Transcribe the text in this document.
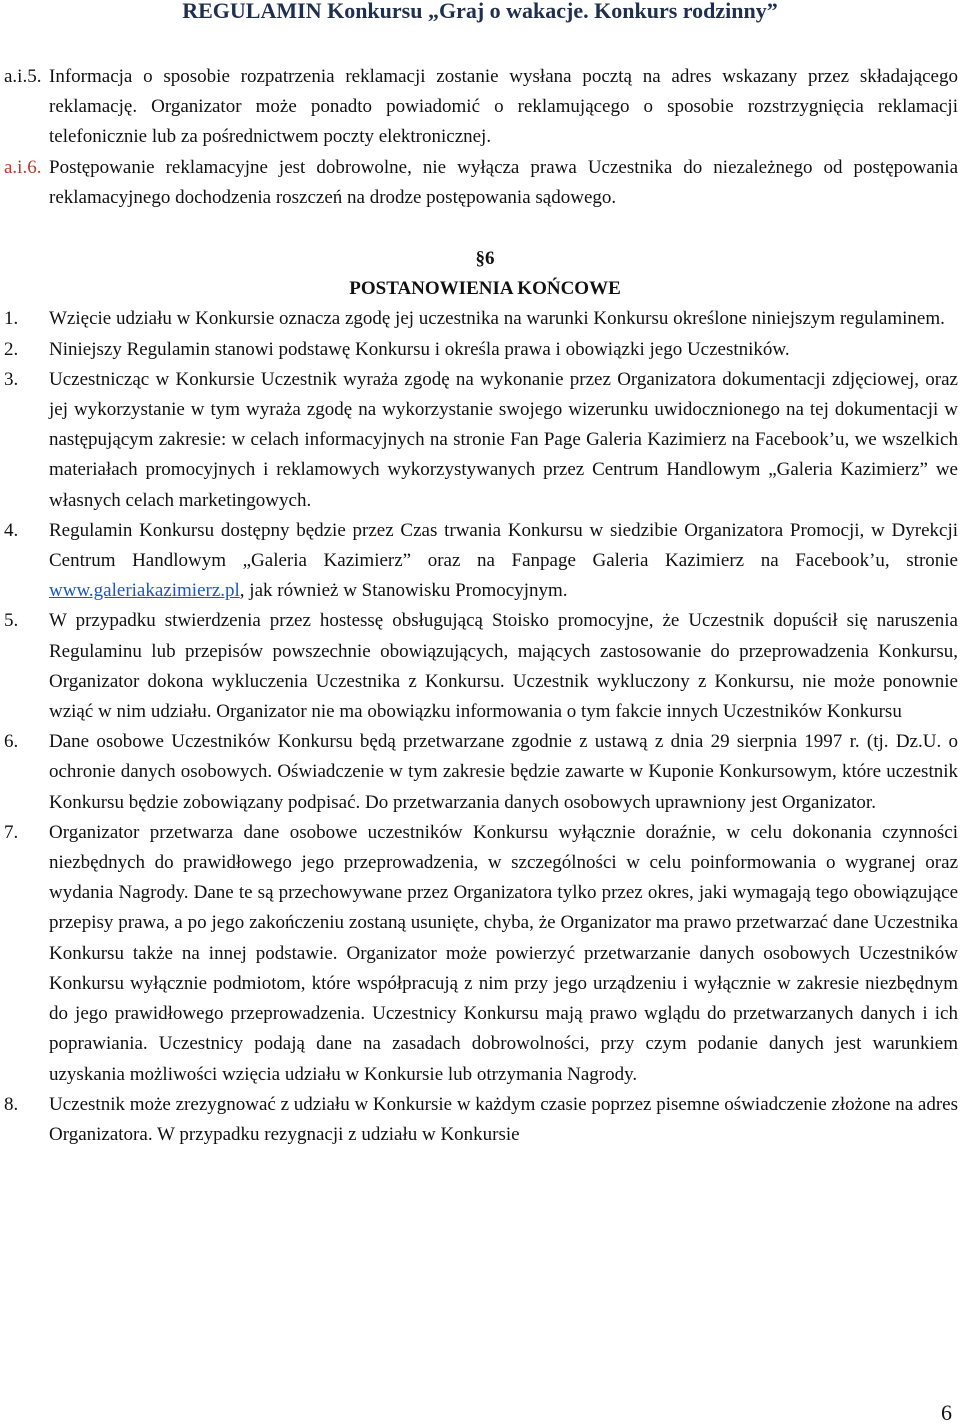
REGULAMIN Konkursu „Graj o wakacje. Konkurs rodzinny”

a.i.5. Informacja o sposobie rozpatrzenia reklamacji zostanie wysłana pocztą na adres wskazany przez składającego reklamację. Organizator może ponadto powiadomić o reklamującego o sposobie rozstrzygnięcia reklamacji telefonicznie lub za pośrednictwem poczty elektronicznej.

a.i.6. Postępowanie reklamacyjne jest dobrowolne, nie wyłącza prawa Uczestnika do niezależnego od postępowania reklamacyjnego dochodzenia roszczeń na drodze postępowania sądowego.

§6

POSTANOWIENIA KOŃCOWE

1. Wzięcie udziału w Konkursie oznacza zgodę jej uczestnika na warunki Konkursu określone niniejszym regulaminem.

2. Niniejszy Regulamin stanowi podstawę Konkursu i określa prawa i obowiązki jego Uczestników.

3. Uczestnicząc w Konkursie Uczestnik wyraża zgodę na wykonanie przez Organizatora dokumentacji zdjęciowej, oraz jej wykorzystanie w tym wyraża zgodę na wykorzystanie swojego wizerunku uwidocznionego na tej dokumentacji w następującym zakresie: w celach informacyjnych na stronie Fan Page Galeria Kazimierz na Facebook’u, we wszelkich materiałach promocyjnych i reklamowych wykorzystywanych przez Centrum Handlowym „Galeria Kazimierz” we własnych celach marketingowych.

4. Regulamin Konkursu dostępny będzie przez Czas trwania Konkursu w siedzibie Organizatora Promocji, w Dyrekcji Centrum Handlowym „Galeria Kazimierz” oraz na Fanpage Galeria Kazimierz na Facebook’u, stronie www.galeriakazimierz.pl, jak również w Stanowisku Promocyjnym.

5. W przypadku stwierdzenia przez hostessę obsługującą Stoisko promocyjne, że Uczestnik dopuścił się naruszenia Regulaminu lub przepisów powszechnie obowiązujących, mających zastosowanie do przeprowadzenia Konkursu, Organizator dokona wykluczenia Uczestnika z Konkursu. Uczestnik wykluczony z Konkursu, nie może ponownie wziąć w nim udziału. Organizator nie ma obowiązku informowania o tym fakcie innych Uczestników Konkursu

6. Dane osobowe Uczestników Konkursu będą przetwarzane zgodnie z ustawą z dnia 29 sierpnia 1997 r. (tj. Dz.U. o ochronie danych osobowych. Oświadczenie w tym zakresie będzie zawarte w Kuponie Konkursowym, które uczestnik Konkursu będzie zobowiązany podpisać. Do przetwarzania danych osobowych uprawniony jest Organizator.

7. Organizator przetwarza dane osobowe uczestników Konkursu wyłącznie doraźnie, w celu dokonania czynności niezbędnych do prawidłowego jego przeprowadzenia, w szczególności w celu poinformowania o wygranej oraz wydania Nagrody. Dane te są przechowywane przez Organizatora tylko przez okres, jaki wymagają tego obowiązujące przepisy prawa, a po jego zakończeniu zostaną usunięte, chyba, że Organizator ma prawo przetwarzać dane Uczestnika Konkursu także na innej podstawie. Organizator może powierzyć przetwarzanie danych osobowych Uczestników Konkursu wyłącznie podmiotom, które współpracują z nim przy jego urządzeniu i wyłącznie w zakresie niezbędnym do jego prawidłowego przeprowadzenia. Uczestnicy Konkursu mają prawo wglądu do przetwarzanych danych i ich poprawiania. Uczestnicy podają dane na zasadach dobrowolności, przy czym podanie danych jest warunkiem uzyskania możliwości wzięcia udziału w Konkursie lub otrzymania Nagrody.

8. Uczestnik może zrezygnować z udziału w Konkursie w każdym czasie poprzez pisemne oświadczenie złożone na adres Organizatora. W przypadku rezygnacji z udziału w Konkursie

6
